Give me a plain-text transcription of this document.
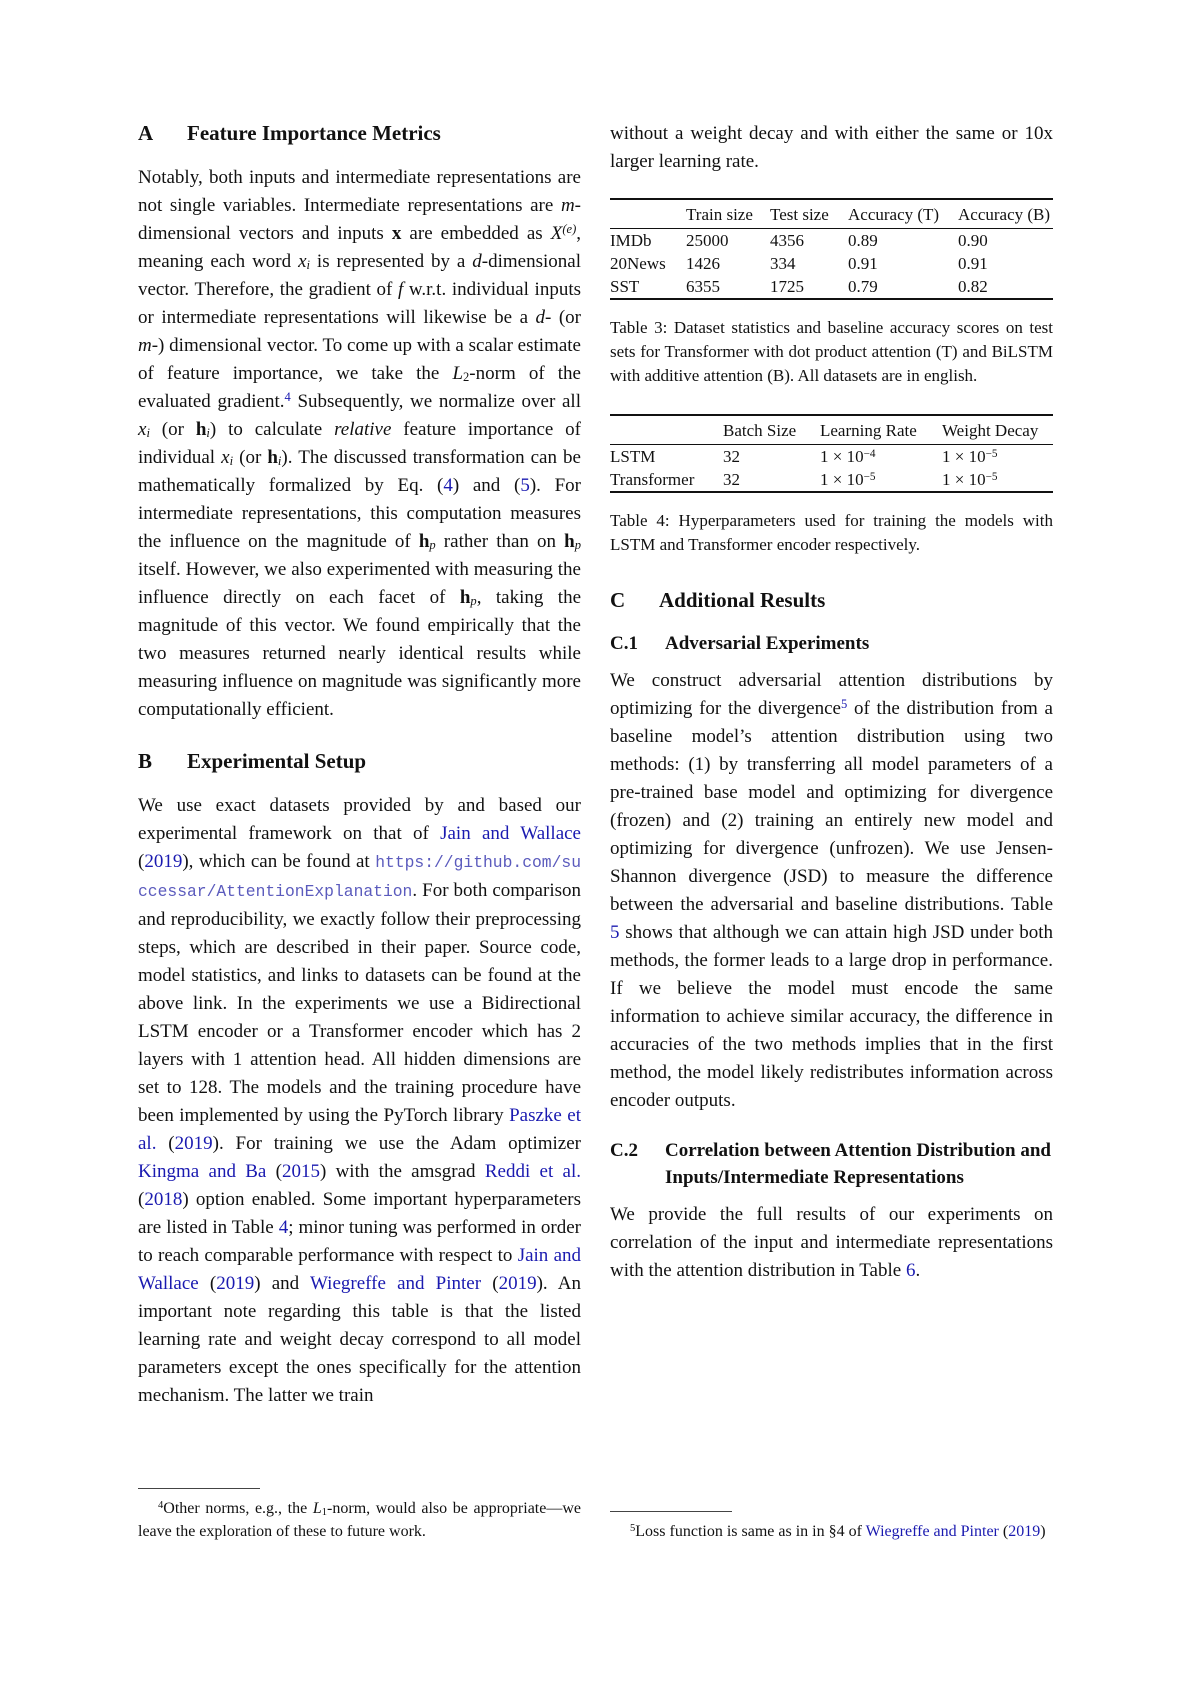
A	Feature Importance Metrics

Notably, both inputs and intermediate representations are not single variables. Intermediate representations are m-dimensional vectors and inputs x are embedded as $X^{(e)}$, meaning each word xi is represented by a d-dimensional vector. Therefore, the gradient of f w.r.t. individual inputs or intermediate representations will likewise be a d- (or m-) dimensional vector. To come up with a scalar estimate of feature importance, we take the L2-norm of the evaluated gradient.$^4$ Subsequently, we normalize over all xi (or hi) to calculate relative feature importance of individual xi (or hi). The discussed transformation can be mathematically formalized by Eq. (4) and (5). For intermediate representations, this computation measures the influence on the magnitude of hp rather than on hp itself. However, we also experimented with measuring the influence directly on each facet of hp, taking the magnitude of this vector. We found empirically that the two measures returned nearly identical results while measuring influence on magnitude was significantly more computationally efficient.

B	Experimental Setup

We use exact datasets provided by and based our experimental framework on that of Jain and Wallace (2019), which can be found at https://github.com/successar/AttentionExplanation. For both comparison and reproducibility, we exactly follow their preprocessing steps, which are described in their paper. Source code, model statistics, and links to datasets can be found at the above link. In the experiments we use a Bidirectional LSTM encoder or a Transformer encoder which has 2 layers with 1 attention head. All hidden dimensions are set to 128. The models and the training procedure have been implemented by using the PyTorch library Paszke et al. (2019). For training we use the Adam optimizer Kingma and Ba (2015) with the amsgrad Reddi et al. (2018) option enabled. Some important hyperparameters are listed in Table 4; minor tuning was performed in order to reach comparable performance with respect to Jain and Wallace (2019) and Wiegreffe and Pinter (2019). An important note regarding this table is that the listed learning rate and weight decay correspond to all model parameters except the ones specifically for the attention mechanism. The latter we train

$^4$Other norms, e.g., the L1-norm, would also be appropriate—we leave the exploration of these to future work.

without a weight decay and with either the same or 10x larger learning rate.

	Train size	Test size	Accuracy (T)	Accuracy (B)
IMDb	25000	4356	0.89	0.90
20News	1426	334	0.91	0.91
SST	6355	1725	0.79	0.82

Table 3: Dataset statistics and baseline accuracy scores on test sets for Transformer with dot product attention (T) and BiLSTM with additive attention (B). All datasets are in english.

	Batch Size	Learning Rate	Weight Decay
LSTM	32	$1 \times 10^{-4}$	$1 \times 10^{-5}$
Transformer	32	$1 \times 10^{-5}$	$1 \times 10^{-5}$

Table 4: Hyperparameters used for training the models with LSTM and Transformer encoder respectively.

C	Additional Results
C.1	Adversarial Experiments

We construct adversarial attention distributions by optimizing for the divergence$^5$ of the distribution from a baseline model’s attention distribution using two methods: (1) by transferring all model parameters of a pre-trained base model and optimizing for divergence (frozen) and (2) training an entirely new model and optimizing for divergence (unfrozen). We use Jensen-Shannon divergence (JSD) to measure the difference between the adversarial and baseline distributions. Table 5 shows that although we can attain high JSD under both methods, the former leads to a large drop in performance. If we believe the model must encode the same information to achieve similar accuracy, the difference in accuracies of the two methods implies that in the first method, the model likely redistributes information across encoder outputs.

C.2	Correlation between Attention Distribution and Inputs/Intermediate Representations

We provide the full results of our experiments on correlation of the input and intermediate representations with the attention distribution in Table 6.

$^5$Loss function is same as in in §4 of Wiegreffe and Pinter (2019)
